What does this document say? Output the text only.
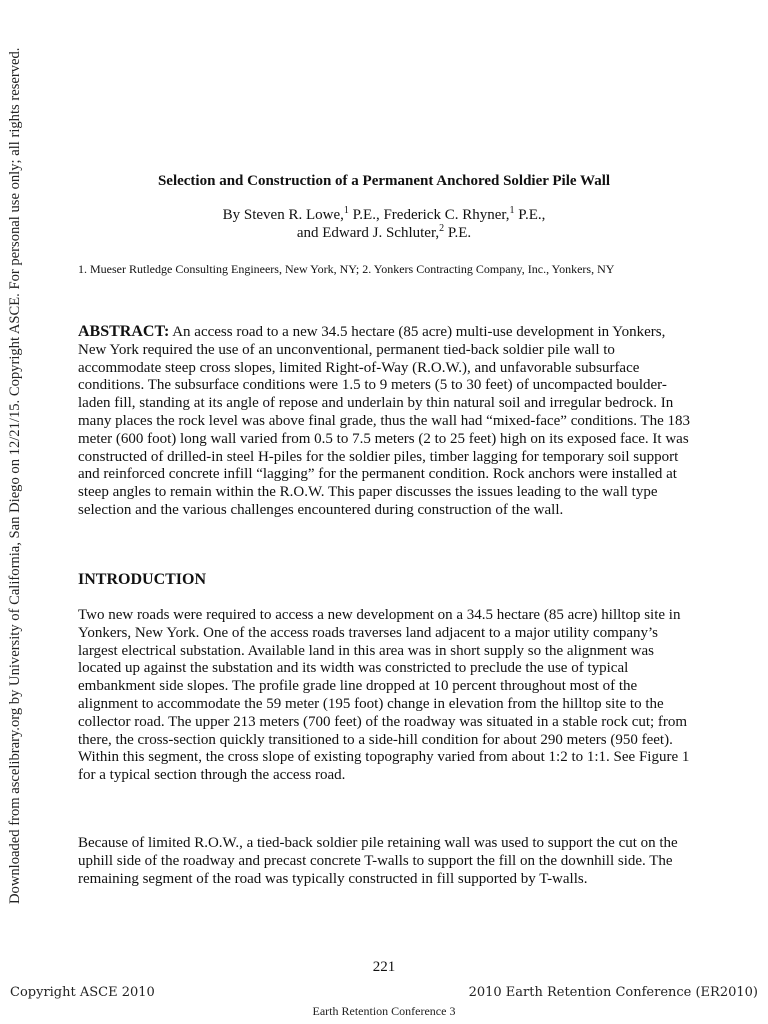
Downloaded from ascelibrary.org by University of California, San Diego on 12/21/15. Copyright ASCE. For personal use only; all rights reserved.	Selection and Construction of a Permanent Anchored Soldier Pile Wall
By Steven R. Lowe,$^1$ P.E., Frederick C. Rhyner,$^1$ P.E.,
and Edward J. Schluter,$^2$ P.E.
1. Mueser Rutledge Consulting Engineers, New York, NY; 2. Yonkers Contracting Company, Inc., Yonkers, NY

ABSTRACT: An access road to a new 34.5 hectare (85 acre) multi-use development in Yonkers, New York required the use of an unconventional, permanent tied-back soldier pile wall to accommodate steep cross slopes, limited Right-of-Way (R.O.W.), and unfavorable subsurface conditions. The subsurface conditions were 1.5 to 9 meters (5 to 30 feet) of uncompacted boulder-laden fill, standing at its angle of repose and underlain by thin natural soil and irregular bedrock. In many places the rock level was above final grade, thus the wall had “mixed-face” conditions. The 183 meter (600 foot) long wall varied from 0.5 to 7.5 meters (2 to 25 feet) high on its exposed face. It was constructed of drilled-in steel H-piles for the soldier piles, timber lagging for temporary soil support and reinforced concrete infill “lagging” for the permanent condition. Rock anchors were installed at steep angles to remain within the R.O.W. This paper discusses the issues leading to the wall type selection and the various challenges encountered during construction of the wall.

INTRODUCTION

Two new roads were required to access a new development on a 34.5 hectare (85 acre) hilltop site in Yonkers, New York. One of the access roads traverses land adjacent to a major utility company’s largest electrical substation. Available land in this area was in short supply so the alignment was located up against the substation and its width was constricted to preclude the use of typical embankment side slopes. The profile grade line dropped at 10 percent throughout most of the alignment to accommodate the 59 meter (195 foot) change in elevation from the hilltop site to the collector road. The upper 213 meters (700 feet) of the roadway was situated in a stable rock cut; from there, the cross-section quickly transitioned to a side-hill condition for about 290 meters (950 feet). Within this segment, the cross slope of existing topography varied from about 1:2 to 1:1. See Figure 1 for a typical section through the access road.

Because of limited R.O.W., a tied-back soldier pile retaining wall was used to support the cut on the uphill side of the roadway and precast concrete T-walls to support the fill on the downhill side. The remaining segment of the road was typically constructed in fill supported by T-walls.

221
Copyright ASCE 2010	2010 Earth Retention Conference (ER2010)
Earth Retention Conference 3
